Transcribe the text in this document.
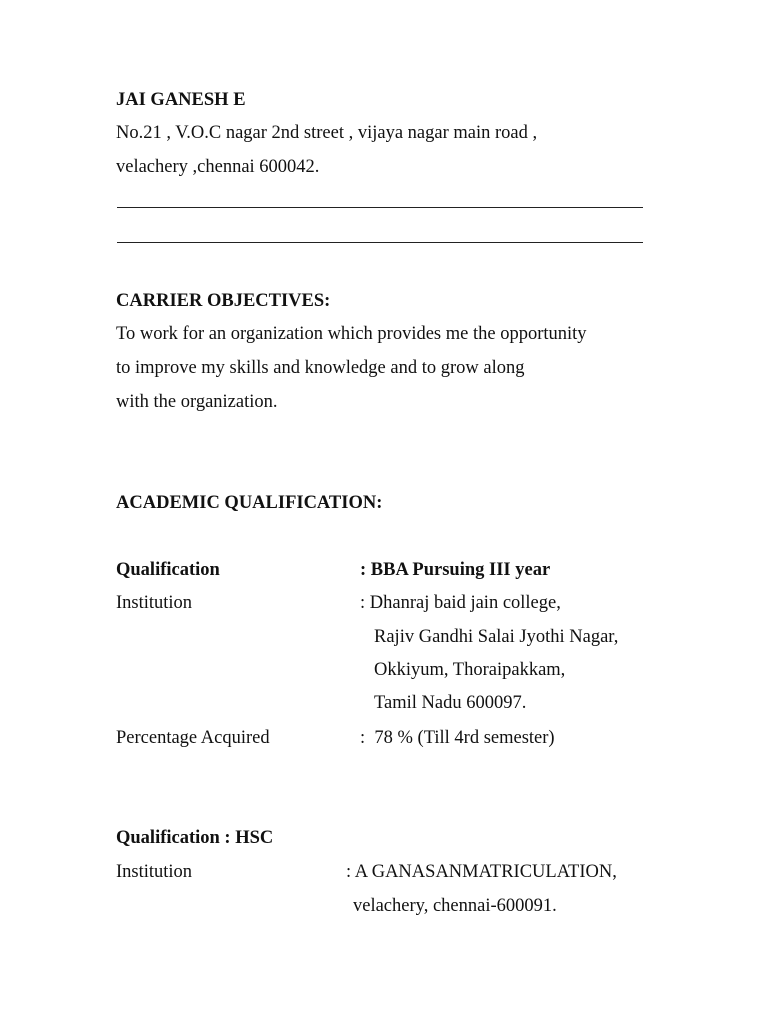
JAI GANESH E
No.21 , V.O.C nagar 2nd street , vijaya nagar main road ,
velachery ,chennai 600042.
CARRIER OBJECTIVES:
To work for an organization which provides me the opportunity
to improve my skills and knowledge and to grow along
with the organization.
ACADEMIC QUALIFICATION:
Qualification	: BBA Pursuing III year
Institution	: Dhanraj baid jain college,
Rajiv Gandhi Salai Jyothi Nagar,
Okkiyum, Thoraipakkam,
Tamil Nadu 600097.
Percentage Acquired	:  78 % (Till 4rd semester)
Qualification : HSC
Institution	: A GANASANMATRICULATION,
velachery, chennai-600091.
